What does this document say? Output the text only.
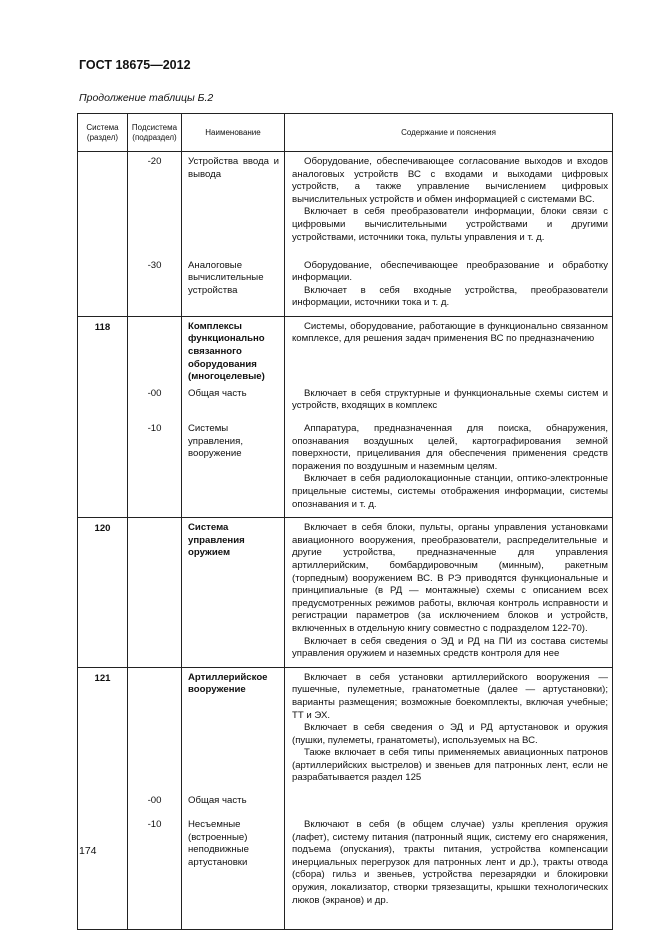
ГОСТ 18675—2012
Продолжение таблицы Б.2
Система (раздел)	Подсистема (подраздел)	Наименование	Содержание и пояснения
	-20	Устройства ввода и вывода	Оборудование, обеспечивающее согласование выходов и входов аналоговых устройств ВС с входами и выходами цифровых устройств, а также управление вычислением цифровых вычислительных устройств и обмен информацией с системами ВС.

Включает в себя преобразователи информации, блоки связи с цифровыми вычислительными устройствами и другими устройствами, источники тока, пульты управления и т. д.

	-30	Аналоговые вычислительные устройства	Оборудование, обеспечивающее преобразование и обработку информации.

Включает в себя входные устройства, преобразователи информации, источники тока и т. д.

118		Комплексы функционально связанного оборудования (многоцелевые)	Системы, оборудование, работающие в функционально связанном комплексе, для решения задач применения ВС по предназначению

	-00	Общая часть	Включает в себя структурные и функциональные схемы систем и устройств, входящих в комплекс

	-10	Системы управления, вооружение	Аппаратура, предназначенная для поиска, обнаружения, опознавания воздушных целей, картографирования земной поверхности, прицеливания для обеспечения применения средств поражения по воздушным и наземным целям.

Включает в себя радиолокационные станции, оптико-электронные прицельные системы, системы отображения информации, системы опознавания и т. д.

120		Система управления оружием	Включает в себя блоки, пульты, органы управления установками авиационного вооружения, преобразователи, распределительные и другие устройства, предназначенные для управления артиллерийским, бомбардировочным (минным), ракетным (торпедным) вооружением ВС. В РЭ приводятся функциональные и принципиальные (в РД — монтажные) схемы с описанием всех предусмотренных режимов работы, включая контроль исправности и регистрации параметров (за исключением блоков и устройств, включенных в отдельную книгу совместно с подразделом 122-70).

Включает в себя сведения о ЭД и РД на ПИ из состава системы управления оружием и наземных средств контроля для нее

121		Артиллерийское вооружение	Включает в себя установки артиллерийского вооружения — пушечные, пулеметные, гранатометные (далее — артустановки); варианты размещения; возможные боекомплекты, включая учебные; ТТ и ЭХ.

Включает в себя сведения о ЭД и РД артустановок и оружия (пушки, пулеметы, гранатометы), используемых на ВС.

Также включает в себя типы применяемых авиационных патронов (артиллерийских выстрелов) и звеньев для патронных лент, если не разрабатывается раздел 125

	-00	Общая часть	
	-10	Несъемные (встроенные) неподвижные артустановки	Включают в себя (в общем случае) узлы крепления оружия (лафет), систему питания (патронный ящик, систему его снаряжения, подъема (опускания), тракты питания, устройства компенсации инерциальных перегрузок для патронных лент и др.), тракты отвода (сбора) гильз и звеньев, устройства перезарядки и блокировки оружия, локализатор, створки трязезащиты, крышки технологических люков (экранов) и др.

174
